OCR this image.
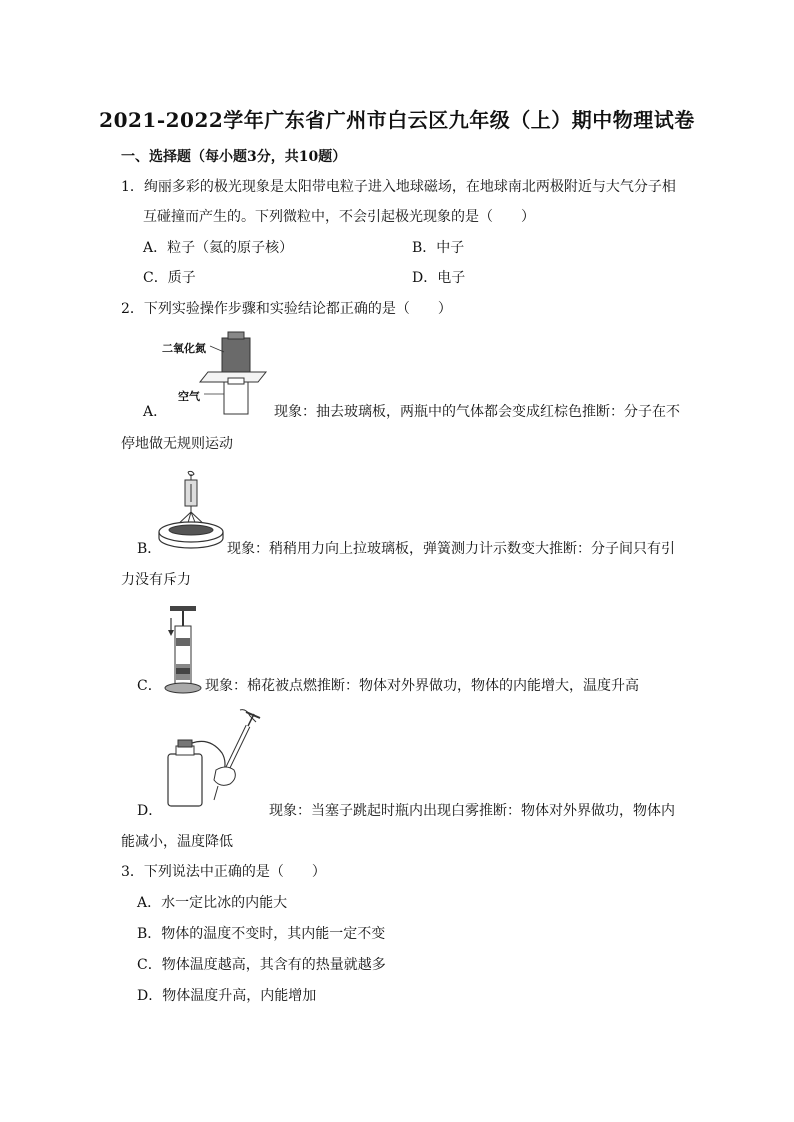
2021-2022学年广东省广州市白云区九年级（上）期中物理试卷
一、选择题（每小题3分，共10题）
1．绚丽多彩的极光现象是太阳带电粒子进入地球磁场，在地球南北两极附近与大气分子相
互碰撞而产生的。下列微粒中，不会引起极光现象的是（　　）
A．粒子（氦的原子核）	B．中子
C．质子	D．电子
2．下列实验操作步骤和实验结论都正确的是（　　）
二氧化氮
空气
A．	现象：抽去玻璃板，两瓶中的气体都会变成红棕色推断：分子在不
停地做无规则运动
B．	现象：稍稍用力向上拉玻璃板，弹簧测力计示数变大推断：分子间只有引
力没有斥力
C．	现象：棉花被点燃推断：物体对外界做功，物体的内能增大，温度升高
D．	现象：当塞子跳起时瓶内出现白雾推断：物体对外界做功，物体内
能减小，温度降低
3．下列说法中正确的是（　　）
A．水一定比冰的内能大
B．物体的温度不变时，其内能一定不变
C．物体温度越高，其含有的热量就越多
D．物体温度升高，内能增加
